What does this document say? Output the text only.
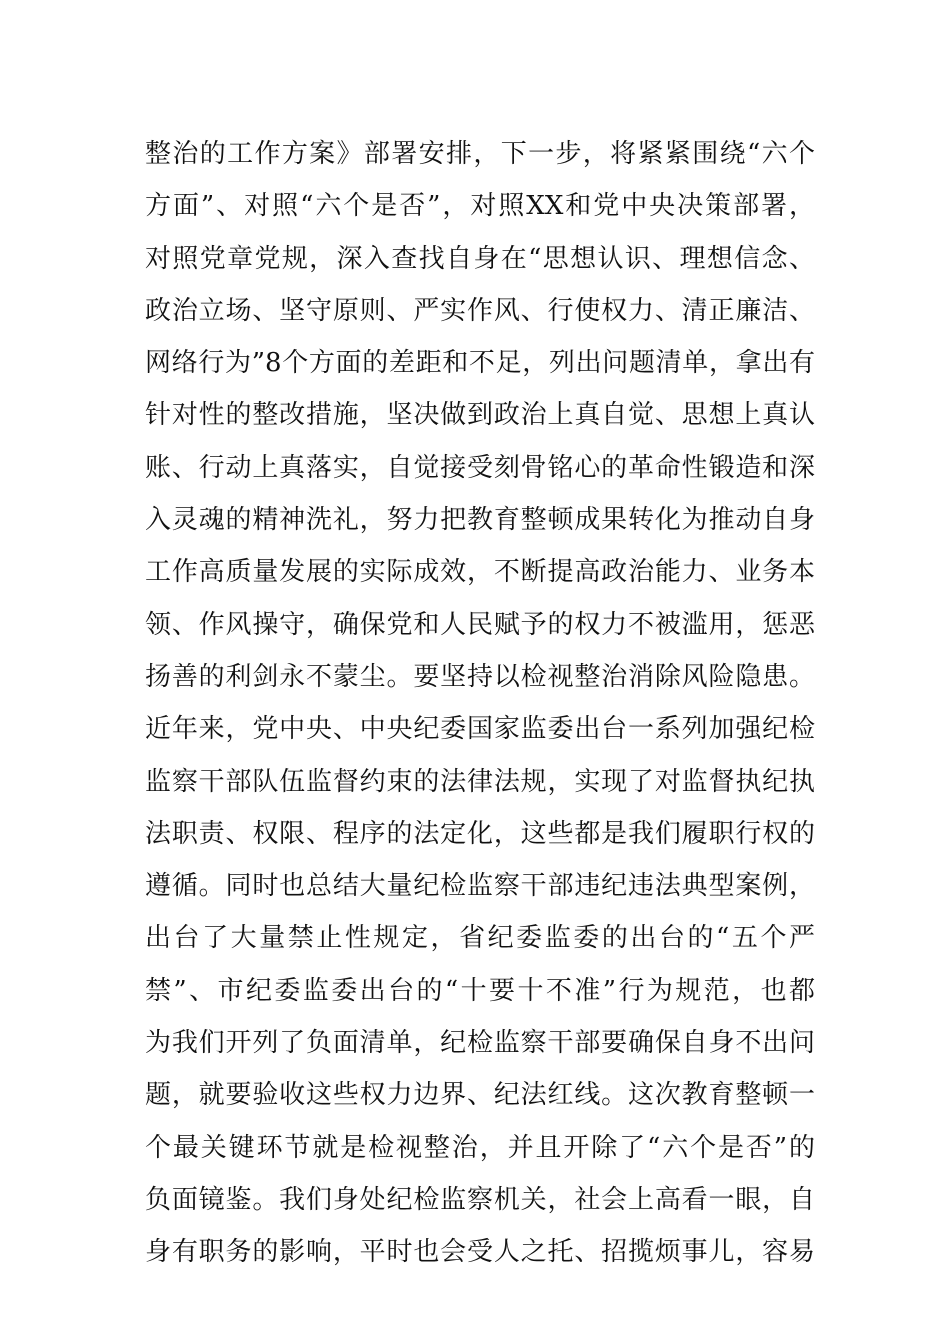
整治的工作方案》部署安排，下一步，将紧紧围绕“六个
方面”、对照“六个是否”，对照XX和党中央决策部署，
对照党章党规，深入查找自身在“思想认识、理想信念、
政治立场、坚守原则、严实作风、行使权力、清正廉洁、
网络行为”8个方面的差距和不足，列出问题清单，拿出有
针对性的整改措施，坚决做到政治上真自觉、思想上真认
账、行动上真落实，自觉接受刻骨铭心的革命性锻造和深
入灵魂的精神洗礼，努力把教育整顿成果转化为推动自身
工作高质量发展的实际成效，不断提高政治能力、业务本
领、作风操守，确保党和人民赋予的权力不被滥用，惩恶
扬善的利剑永不蒙尘。要坚持以检视整治消除风险隐患。
近年来，党中央、中央纪委国家监委出台一系列加强纪检
监察干部队伍监督约束的法律法规，实现了对监督执纪执
法职责、权限、程序的法定化，这些都是我们履职行权的
遵循。同时也总结大量纪检监察干部违纪违法典型案例，
出台了大量禁止性规定，省纪委监委的出台的“五个严
禁”、市纪委监委出台的“十要十不准”行为规范，也都
为我们开列了负面清单，纪检监察干部要确保自身不出问
题，就要验收这些权力边界、纪法红线。这次教育整顿一
个最关键环节就是检视整治，并且开除了“六个是否”的
负面镜鉴。我们身处纪检监察机关，社会上高看一眼，自
身有职务的影响，平时也会受人之托、招揽烦事儿，容易
